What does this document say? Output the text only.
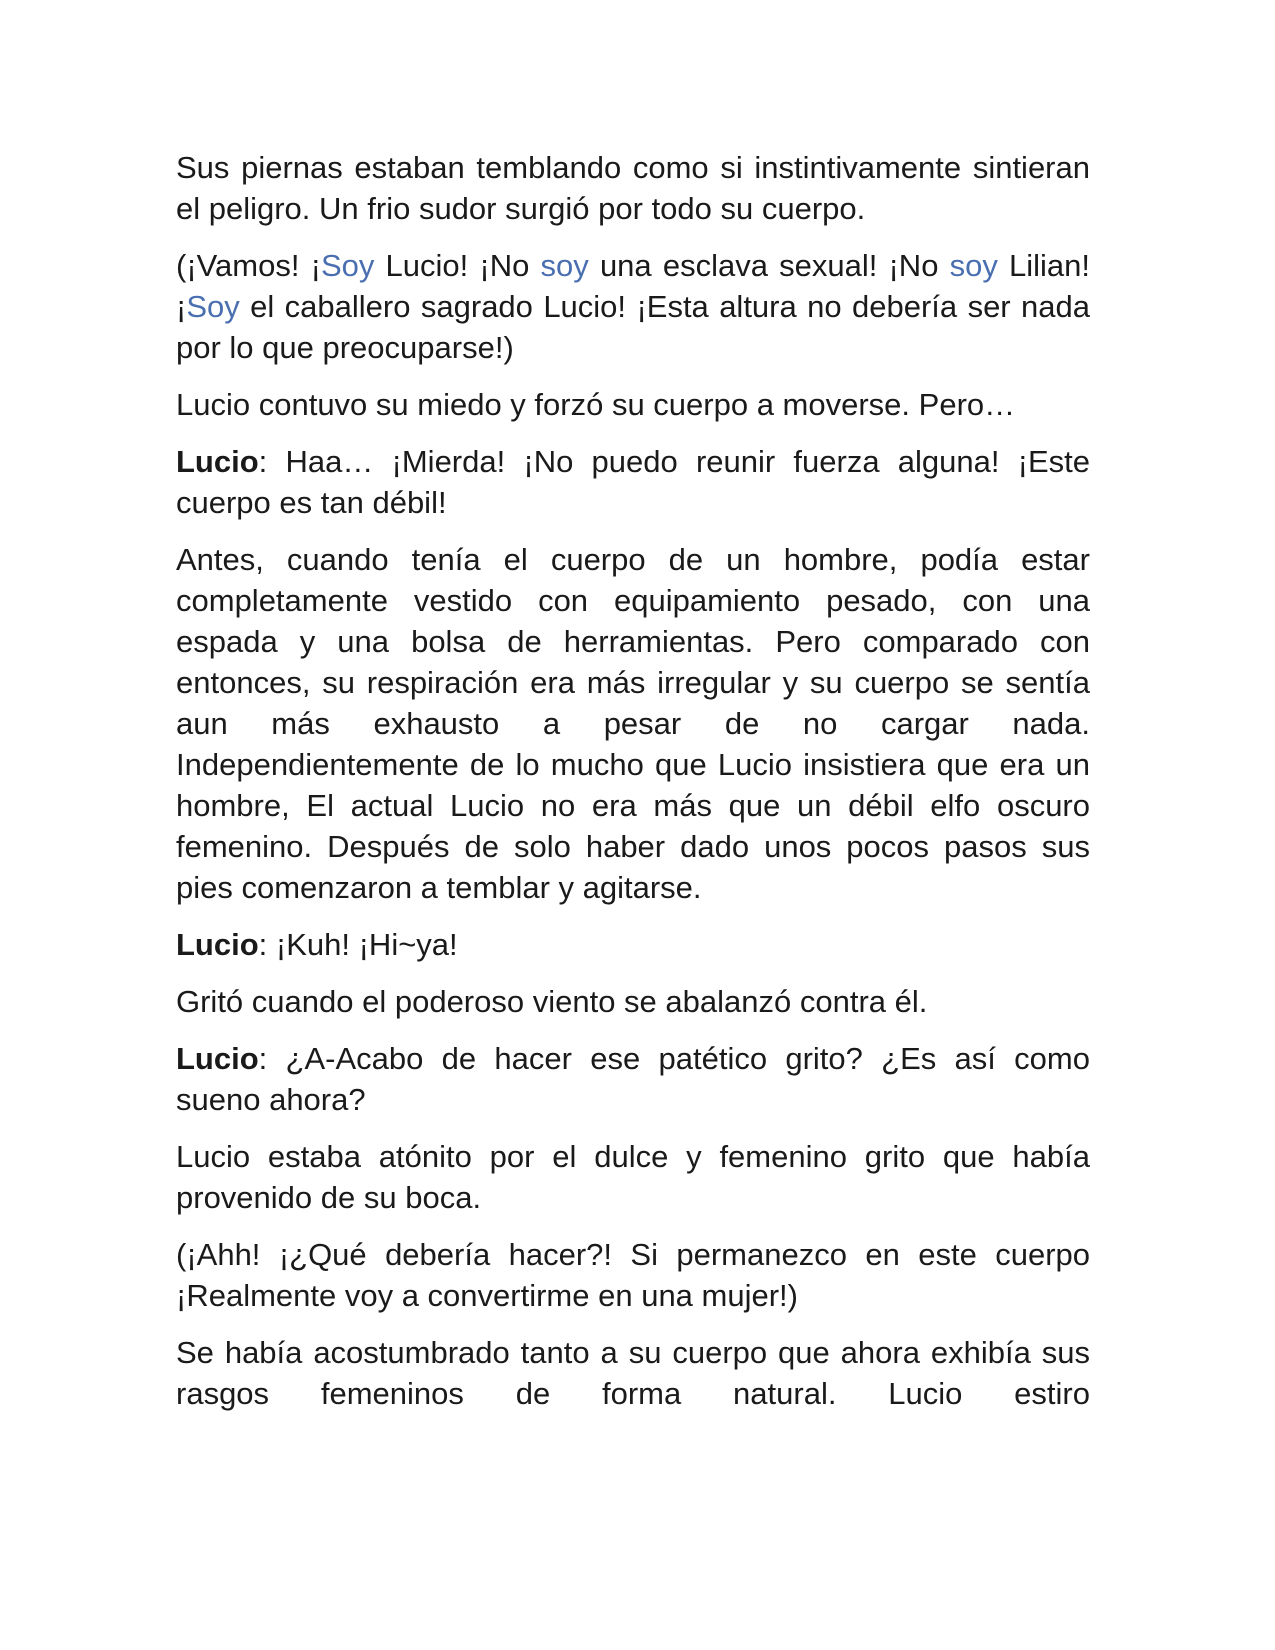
Sus piernas estaban temblando como si instintivamente sintieran el peligro. Un frio sudor surgió por todo su cuerpo.

(¡Vamos! ¡Soy Lucio! ¡No soy una esclava sexual! ¡No soy Lilian! ¡Soy el caballero sagrado Lucio! ¡Esta altura no debería ser nada por lo que preocuparse!)

Lucio contuvo su miedo y forzó su cuerpo a moverse. Pero…

Lucio: Haa… ¡Mierda! ¡No puedo reunir fuerza alguna! ¡Este cuerpo es tan débil!

Antes, cuando tenía el cuerpo de un hombre, podía estar completamente vestido con equipamiento pesado, con una espada y una bolsa de herramientas. Pero comparado con entonces, su respiración era más irregular y su cuerpo se sentía aun más exhausto a pesar de no cargar nada. Independientemente de lo mucho que Lucio insistiera que era un hombre, El actual Lucio no era más que un débil elfo oscuro femenino. Después de solo haber dado unos pocos pasos sus pies comenzaron a temblar y agitarse.

Lucio: ¡Kuh! ¡Hi~ya!

Gritó cuando el poderoso viento se abalanzó contra él.

Lucio: ¿A-Acabo de hacer ese patético grito? ¿Es así como sueno ahora?

Lucio estaba atónito por el dulce y femenino grito que había provenido de su boca.

(¡Ahh! ¡¿Qué debería hacer?! Si permanezco en este cuerpo ¡Realmente voy a convertirme en una mujer!)

Se había acostumbrado tanto a su cuerpo que ahora exhibía sus rasgos femeninos de forma natural. Lucio estiro
